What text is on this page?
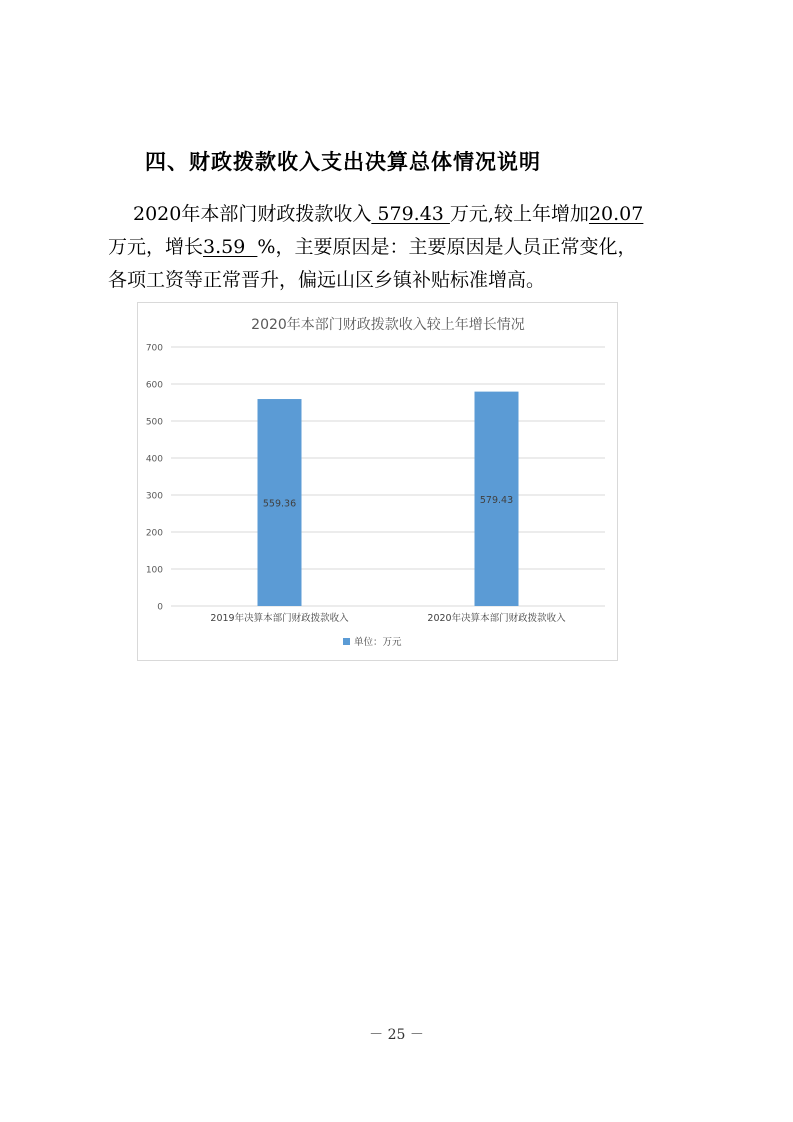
四、财政拨款收入支出决算总体情况说明
2020年本部门财政拨款收入 579.43 万元,较上年增加20.07
万元，增长3.59  %，主要原因是：主要原因是人员正常变化，
各项工资等正常晋升，偏远山区乡镇补贴标准增高。
2020年本部门财政拨款收入较上年增长情况
0
100
200
300
400
500
600
700
559.36
2019年决算本部门财政拨款收入
579.43
2020年决算本部门财政拨款收入
单位：万元
－ 25 －
